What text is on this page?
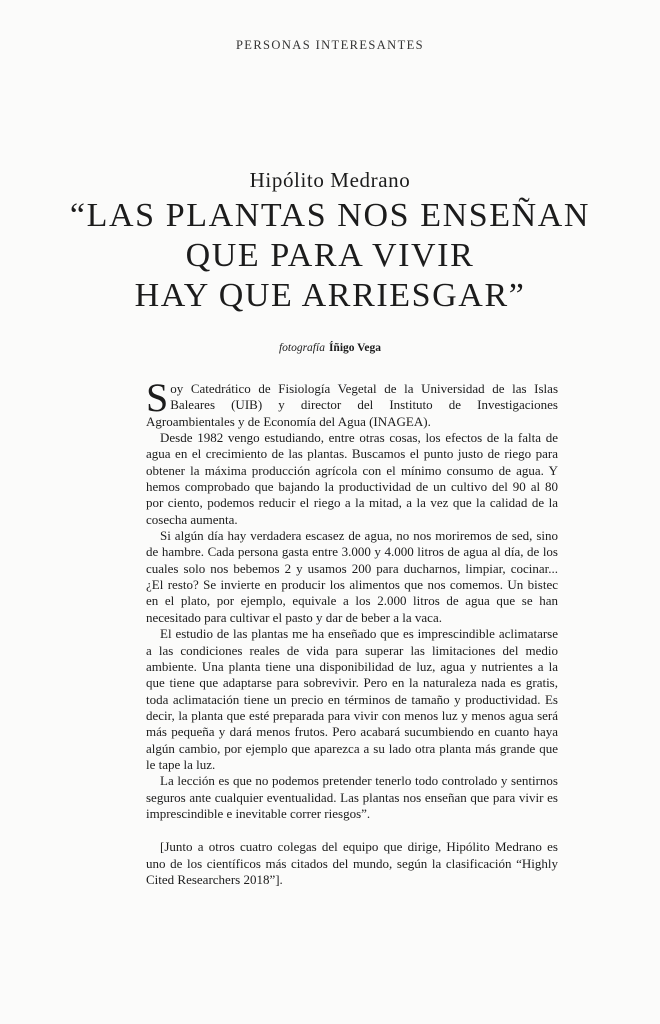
PERSONAS INTERESANTES
Hipólito Medrano
“LAS PLANTAS NOS ENSEÑAN
QUE PARA VIVIR
HAY QUE ARRIESGAR”
fotografía Íñigo Vega

Soy Catedrático de Fisiología Vegetal de la Universidad de las Islas Baleares (UIB) y director del Instituto de Investigaciones Agroambientales y de Economía del Agua (INAGEA).

Desde 1982 vengo estudiando, entre otras cosas, los efectos de la falta de agua en el crecimiento de las plantas. Buscamos el punto justo de riego para obtener la máxima producción agrícola con el mínimo consumo de agua. Y hemos comprobado que bajando la productividad de un cultivo del 90 al 80 por ciento, podemos reducir el riego a la mitad, a la vez que la calidad de la cosecha aumenta.

Si algún día hay verdadera escasez de agua, no nos moriremos de sed, sino de hambre. Cada persona gasta entre 3.000 y 4.000 litros de agua al día, de los cuales solo nos bebemos 2 y usamos 200 para ducharnos, limpiar, cocinar... ¿El resto? Se invierte en producir los alimentos que nos comemos. Un bistec en el plato, por ejemplo, equivale a los 2.000 litros de agua que se han necesitado para cultivar el pasto y dar de beber a la vaca.

El estudio de las plantas me ha enseñado que es imprescindible aclimatarse a las condiciones reales de vida para superar las limitaciones del medio ambiente. Una planta tiene una disponibilidad de luz, agua y nutrientes a la que tiene que adaptarse para sobrevivir. Pero en la naturaleza nada es gratis, toda aclimatación tiene un precio en términos de tamaño y productividad. Es decir, la planta que esté preparada para vivir con menos luz y menos agua será más pequeña y dará menos frutos. Pero acabará sucumbiendo en cuanto haya algún cambio, por ejemplo que aparezca a su lado otra planta más grande que le tape la luz.

La lección es que no podemos pretender tenerlo todo controlado y sentirnos seguros ante cualquier eventualidad. Las plantas nos enseñan que para vivir es imprescindible e inevitable correr riesgos”.

[Junto a otros cuatro colegas del equipo que dirige, Hipólito Medrano es uno de los científicos más citados del mundo, según la clasificación “Highly Cited Researchers 2018”].
